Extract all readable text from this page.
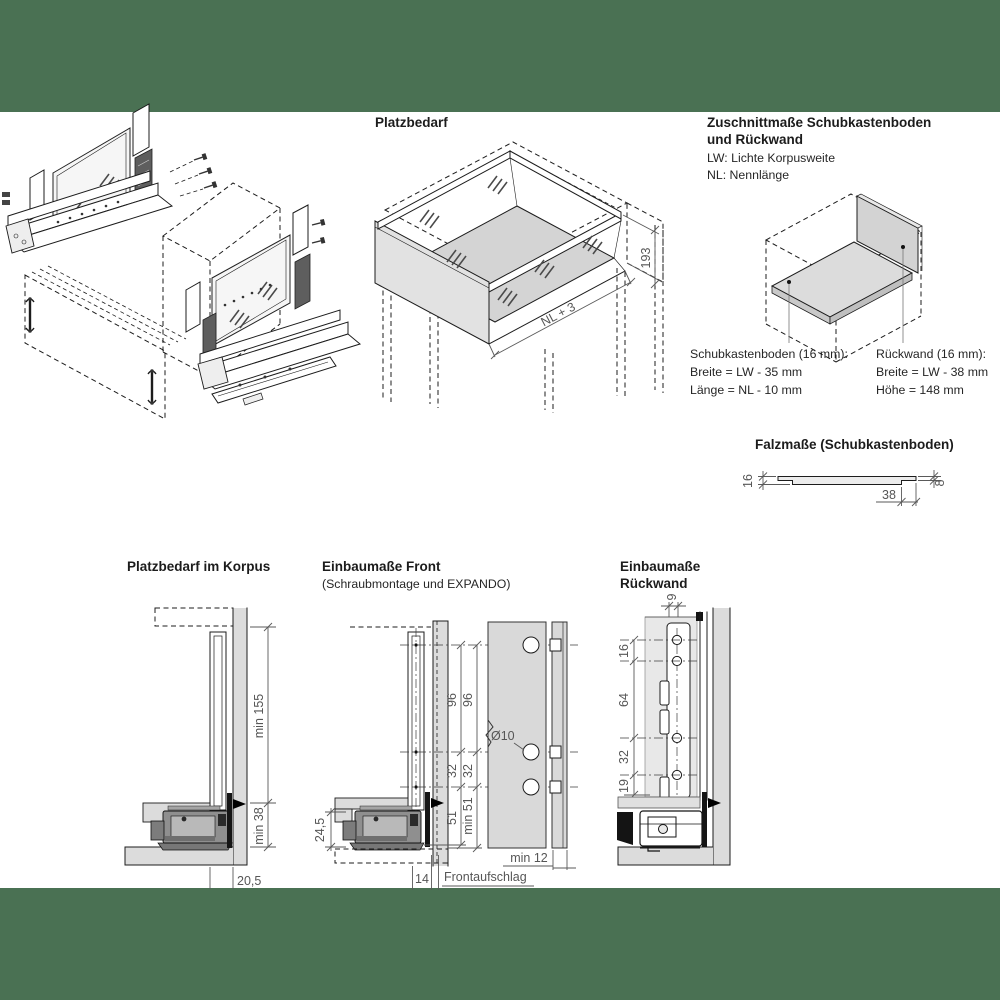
Platzbedarf	Zuschnittmaße Schubkastenboden
und Rückwand
LW: Lichte Korpusweite
NL: Nennlänge
Schubkastenboden (16 mm):
Breite = LW - 35 mm
Länge = NL - 10 mm
Rückwand (16 mm):
Breite = LW - 38 mm
Höhe = 148 mm
Falzmaße (Schubkastenboden)
Platzbedarf im Korpus	Einbaumaße Front
(Schraubmontage und EXPANDO)
Einbaumaße
Rückwand
193
NL + 3
16	8
38
min 155
min 38
20,5
24,5
96
32
51
96
32
min 51
Ø10
min 12
14 Frontaufschlag
9
16
64
32
19
